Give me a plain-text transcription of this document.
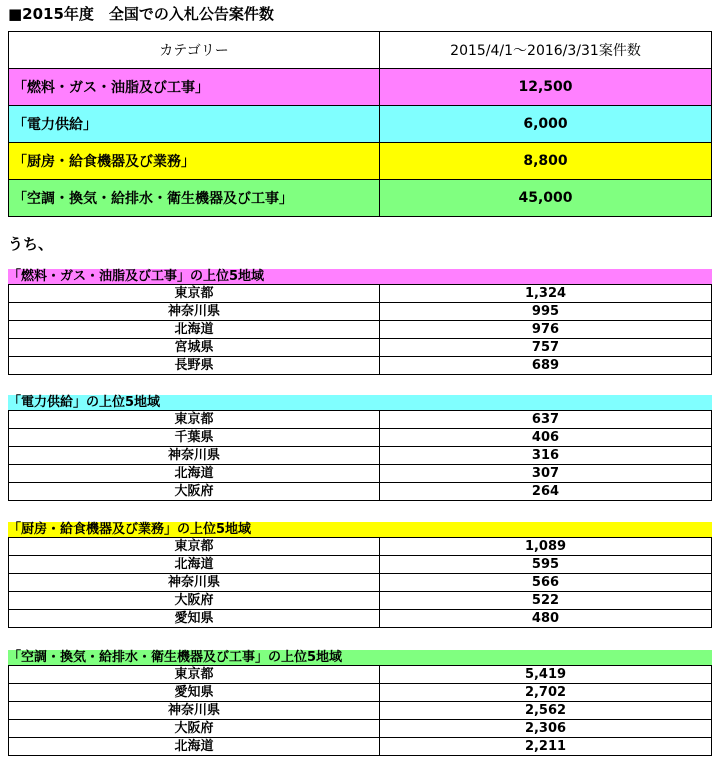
■2015年度　全国での入札公告案件数
カテゴリー	2015/4/1〜2016/3/31案件数
「燃料・ガス・油脂及び工事」	12,500
「電力供給」	6,000
「厨房・給食機器及び業務」	8,800
「空調・換気・給排水・衛生機器及び工事」	45,000
うち、
「燃料・ガス・油脂及び工事」の上位5地域
東京都	1,324
神奈川県	995
北海道	976
宮城県	757
長野県	689
「電力供給」の上位5地域
東京都	637
千葉県	406
神奈川県	316
北海道	307
大阪府	264
「厨房・給食機器及び業務」の上位5地域
東京都	1,089
北海道	595
神奈川県	566
大阪府	522
愛知県	480
「空調・換気・給排水・衛生機器及び工事」の上位5地域
東京都	5,419
愛知県	2,702
神奈川県	2,562
大阪府	2,306
北海道	2,211
